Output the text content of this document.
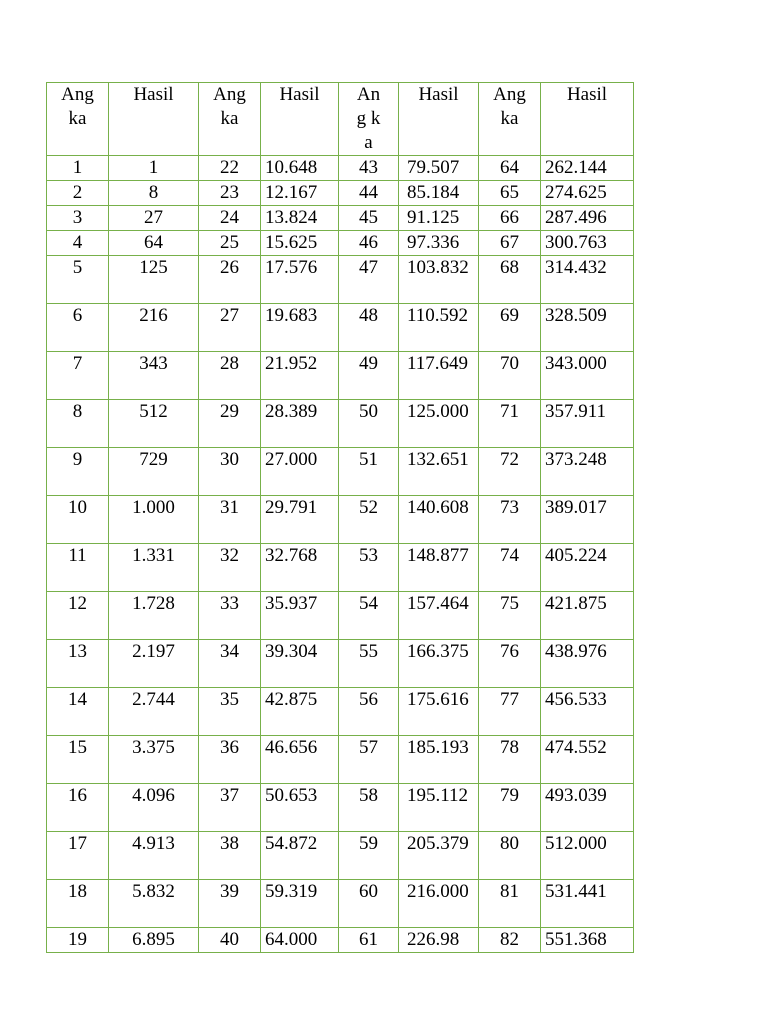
Ang ka	Hasil	Ang ka	Hasil	Ang ka	Hasil	Ang ka	Hasil
1	1	22	10.648	43	79.507	64	262.144
2	8	23	12.167	44	85.184	65	274.625
3	27	24	13.824	45	91.125	66	287.496
4	64	25	15.625	46	97.336	67	300.763
5	125	26	17.576	47	103.832	68	314.432
6	216	27	19.683	48	110.592	69	328.509
7	343	28	21.952	49	117.649	70	343.000
8	512	29	28.389	50	125.000	71	357.911
9	729	30	27.000	51	132.651	72	373.248
10	1.000	31	29.791	52	140.608	73	389.017
11	1.331	32	32.768	53	148.877	74	405.224
12	1.728	33	35.937	54	157.464	75	421.875
13	2.197	34	39.304	55	166.375	76	438.976
14	2.744	35	42.875	56	175.616	77	456.533
15	3.375	36	46.656	57	185.193	78	474.552
16	4.096	37	50.653	58	195.112	79	493.039
17	4.913	38	54.872	59	205.379	80	512.000
18	5.832	39	59.319	60	216.000	81	531.441
19	6.895	40	64.000	61	226.98	82	551.368
